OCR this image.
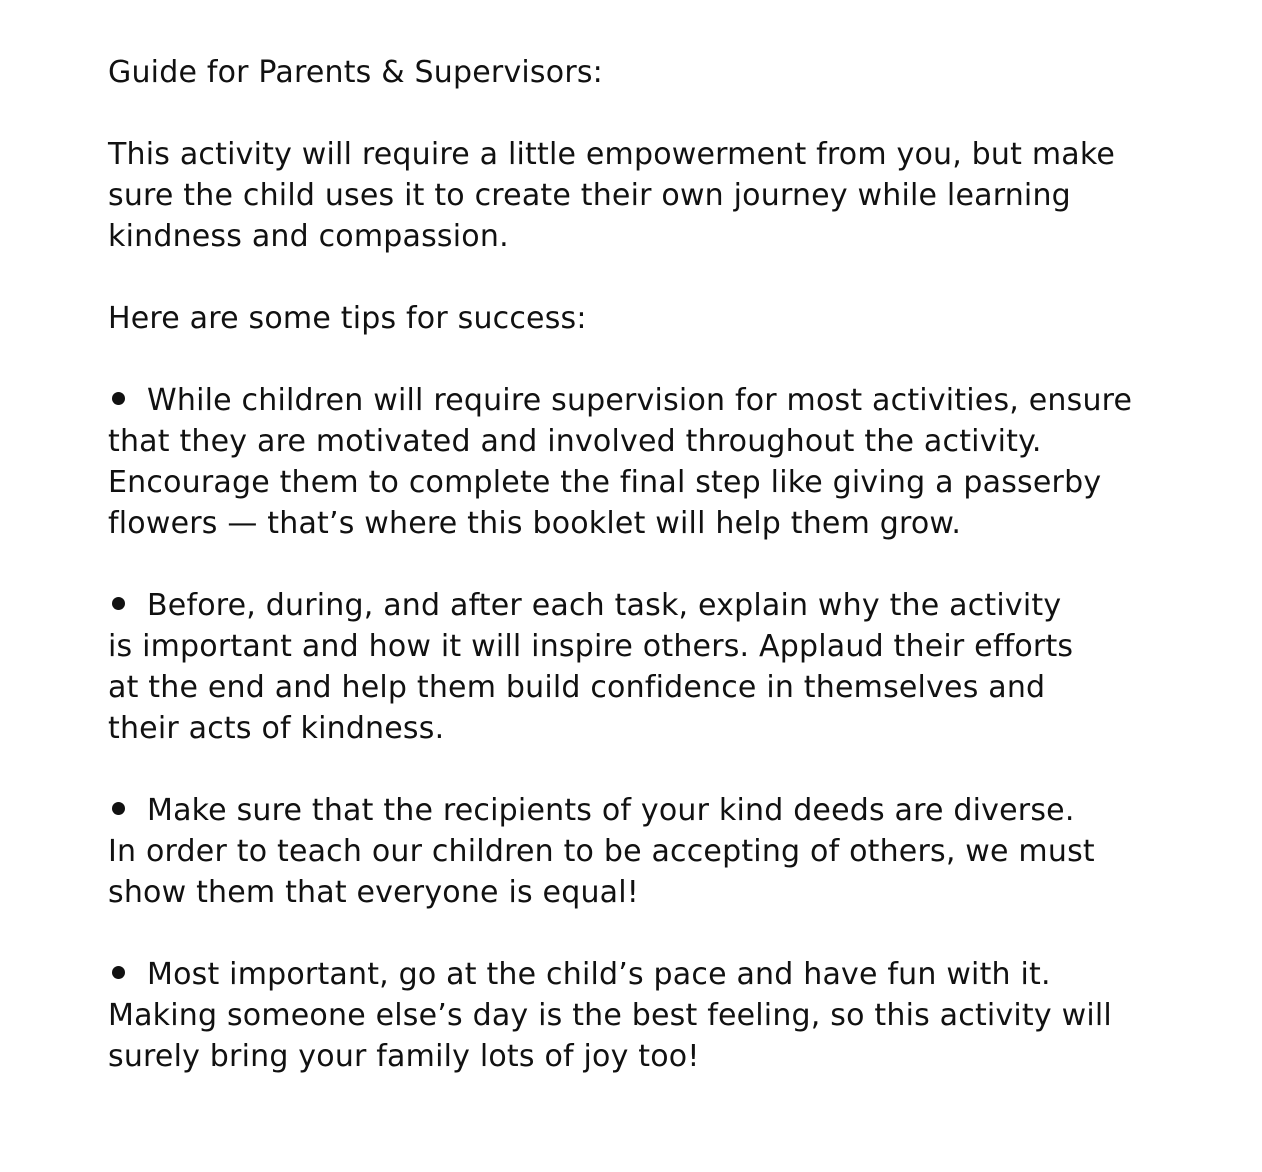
Guide for Parents & Supervisors:

This activity will require a little empowerment from you, but make
sure the child uses it to create their own journey while learning
kindness and compassion.

Here are some tips for success:

While children will require supervision for most activities, ensure
that they are motivated and involved throughout the activity.
Encourage them to complete the final step like giving a passerby
flowers — that’s where this booklet will help them grow.

Before, during, and after each task, explain why the activity
is important and how it will inspire others. Applaud their efforts
at the end and help them build confidence in themselves and
their acts of kindness.

Make sure that the recipients of your kind deeds are diverse.
In order to teach our children to be accepting of others, we must
show them that everyone is equal!

Most important, go at the child’s pace and have fun with it.
Making someone else’s day is the best feeling, so this activity will
surely bring your family lots of joy too!
